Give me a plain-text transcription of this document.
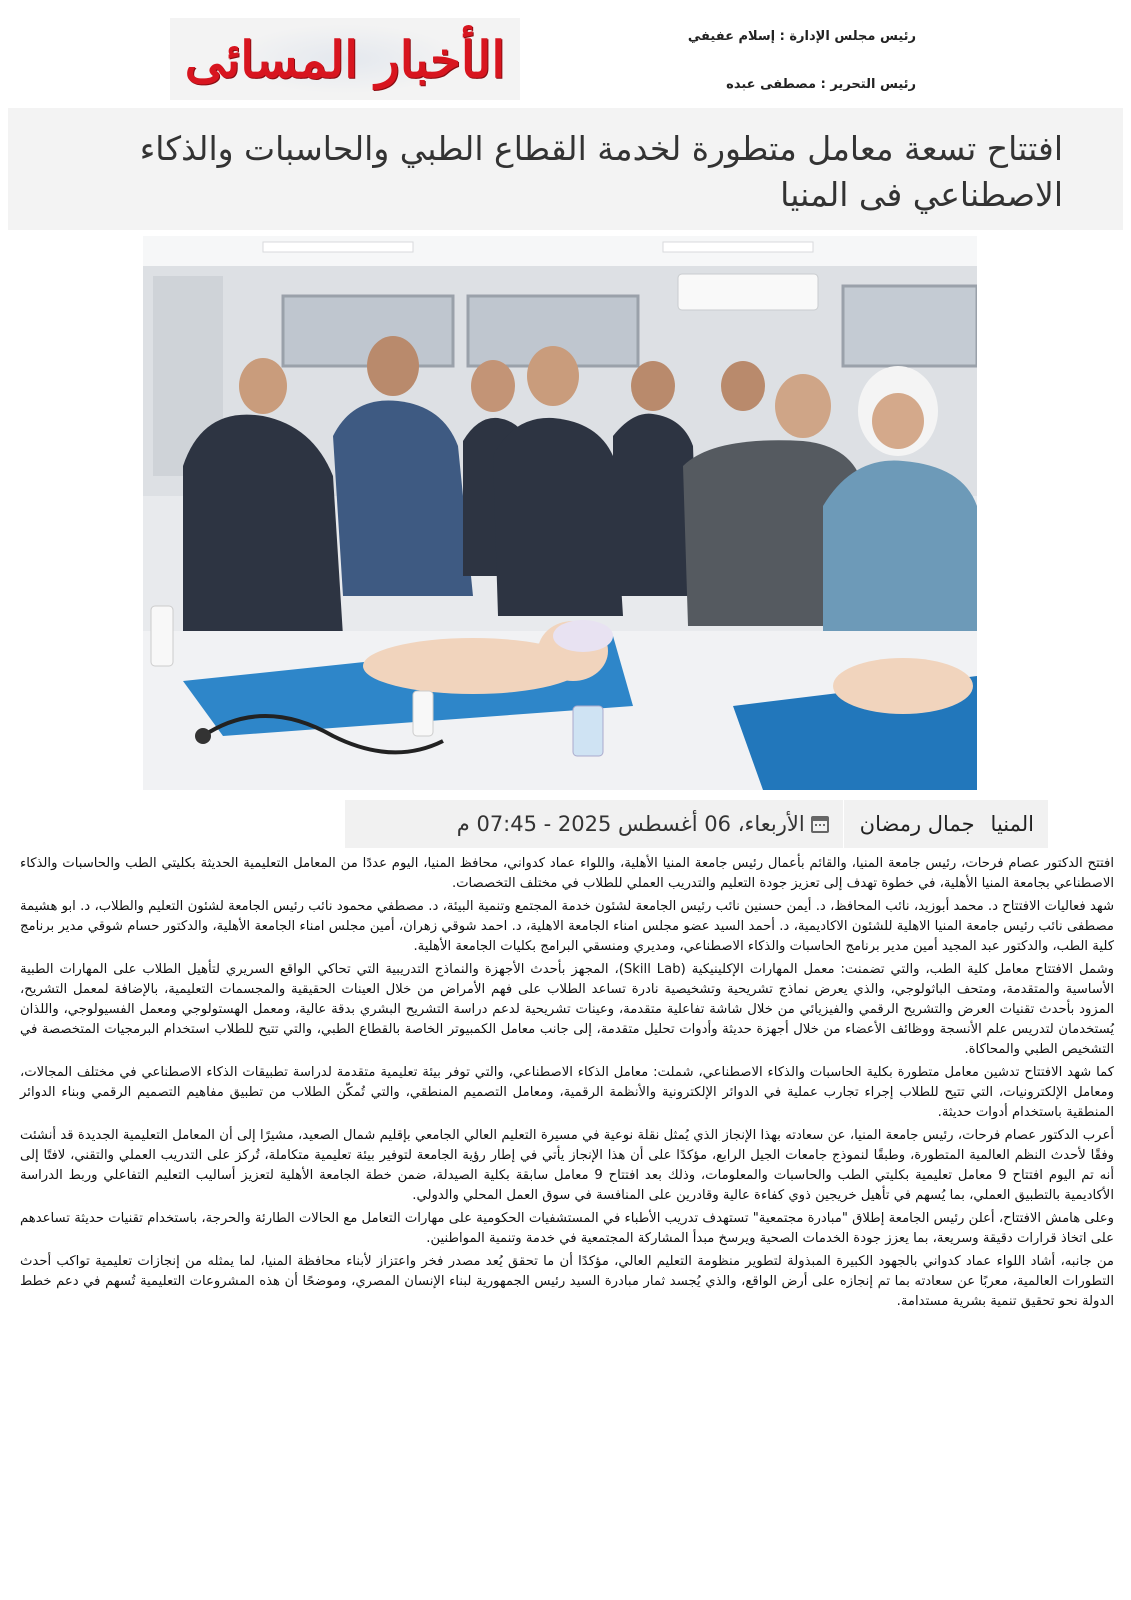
الأخبار المسائى	رئيس مجلس الإدارة : إسلام عفيفي
رئيس التحرير : مصطفى عبده
افتتاح تسعة معامل متطورة لخدمة القطاع الطبي والحاسبات والذكاء الاصطناعي فى المنيا
المنيا
جمال رمضان
الأربعاء، 06 أغسطس 2025 - 07:45 م

افتتح الدكتور عصام فرحات، رئيس جامعة المنيا، والقائم بأعمال رئيس جامعة المنيا الأهلية، واللواء عماد كدواني، محافظ المنيا، اليوم عددًا من المعامل التعليمية الحديثة بكليتي الطب والحاسبات والذكاء الاصطناعي بجامعة المنيا الأهلية، في خطوة تهدف إلى تعزيز جودة التعليم والتدريب العملي للطلاب في مختلف التخصصات.

شهد فعاليات الافتتاح د. محمد أبوزيد، نائب المحافظ، د. أيمن حسنين نائب رئيس الجامعة لشئون خدمة المجتمع وتنمية البيئة، د. مصطفي محمود نائب رئيس الجامعة لشئون التعليم والطلاب، د. ابو هشيمة مصطفى نائب رئيس جامعة المنيا الاهلية للشئون الاكاديمية، د. أحمد السيد عضو مجلس امناء الجامعة الاهلية، د. احمد شوقي زهران، أمين مجلس امناء الجامعة الأهلية، والدكتور حسام شوقي مدير برنامج كلية الطب، والدكتور عبد المجيد أمين مدير برنامج الحاسبات والذكاء الاصطناعي، ومديري ومنسقي البرامج بكليات الجامعة الأهلية.

وشمل الافتتاح معامل كلية الطب، والتي تضمنت: معمل المهارات الإكلينيكية (Skill Lab)، المجهز بأحدث الأجهزة والنماذج التدريبية التي تحاكي الواقع السريري لتأهيل الطلاب على المهارات الطبية الأساسية والمتقدمة، ومتحف الباثولوجي، والذي يعرض نماذج تشريحية وتشخيصية نادرة تساعد الطلاب على فهم الأمراض من خلال العينات الحقيقية والمجسمات التعليمية، بالإضافة لمعمل التشريح، المزود بأحدث تقنيات العرض والتشريح الرقمي والفيزيائي من خلال شاشة تفاعلية متقدمة، وعينات تشريحية لدعم دراسة التشريح البشري بدقة عالية، ومعمل الهستولوجي ومعمل الفسيولوجي، واللذان يُستخدمان لتدريس علم الأنسجة ووظائف الأعضاء من خلال أجهزة حديثة وأدوات تحليل متقدمة، إلى جانب معامل الكمبيوتر الخاصة بالقطاع الطبي، والتي تتيح للطلاب استخدام البرمجيات المتخصصة في التشخيص الطبي والمحاكاة.

كما شهد الافتتاح تدشين معامل متطورة بكلية الحاسبات والذكاء الاصطناعي، شملت: معامل الذكاء الاصطناعي، والتي توفر بيئة تعليمية متقدمة لدراسة تطبيقات الذكاء الاصطناعي في مختلف المجالات، ومعامل الإلكترونيات، التي تتيح للطلاب إجراء تجارب عملية في الدوائر الإلكترونية والأنظمة الرقمية، ومعامل التصميم المنطقي، والتي تُمكّن الطلاب من تطبيق مفاهيم التصميم الرقمي وبناء الدوائر المنطقية باستخدام أدوات حديثة.

أعرب الدكتور عصام فرحات، رئيس جامعة المنيا، عن سعادته بهذا الإنجاز الذي يُمثل نقلة نوعية في مسيرة التعليم العالي الجامعي بإقليم شمال الصعيد، مشيرًا إلى أن المعامل التعليمية الجديدة قد أنشئت وفقًا لأحدث النظم العالمية المتطورة، وطبقًا لنموذج جامعات الجيل الرابع، مؤكدًا على أن هذا الإنجاز يأتي في إطار رؤية الجامعة لتوفير بيئة تعليمية متكاملة، تُركز على التدريب العملي والتقني، لافتًا إلى أنه تم اليوم افتتاح 9 معامل تعليمية بكليتي الطب والحاسبات والمعلومات، وذلك بعد افتتاح 9 معامل سابقة بكلية الصيدلة، ضمن خطة الجامعة الأهلية لتعزيز أساليب التعليم التفاعلي وربط الدراسة الأكاديمية بالتطبيق العملي، بما يُسهم في تأهيل خريجين ذوي كفاءة عالية وقادرين على المنافسة في سوق العمل المحلي والدولي.

وعلى هامش الافتتاح، أعلن رئيس الجامعة إطلاق "مبادرة مجتمعية" تستهدف تدريب الأطباء في المستشفيات الحكومية على مهارات التعامل مع الحالات الطارئة والحرجة، باستخدام تقنيات حديثة تساعدهم على اتخاذ قرارات دقيقة وسريعة، بما يعزز جودة الخدمات الصحية ويرسخ مبدأ المشاركة المجتمعية في خدمة وتنمية المواطنين.

من جانبه، أشاد اللواء عماد كدواني بالجهود الكبيرة المبذولة لتطوير منظومة التعليم العالي، مؤكدًا أن ما تحقق يُعد مصدر فخر واعتزاز لأبناء محافظة المنيا، لما يمثله من إنجازات تعليمية تواكب أحدث التطورات العالمية، معربًا عن سعادته بما تم إنجازه على أرض الواقع، والذي يُجسد ثمار مبادرة السيد رئيس الجمهورية لبناء الإنسان المصري، وموضحًا أن هذه المشروعات التعليمية تُسهم في دعم خطط الدولة نحو تحقيق تنمية بشرية مستدامة.
